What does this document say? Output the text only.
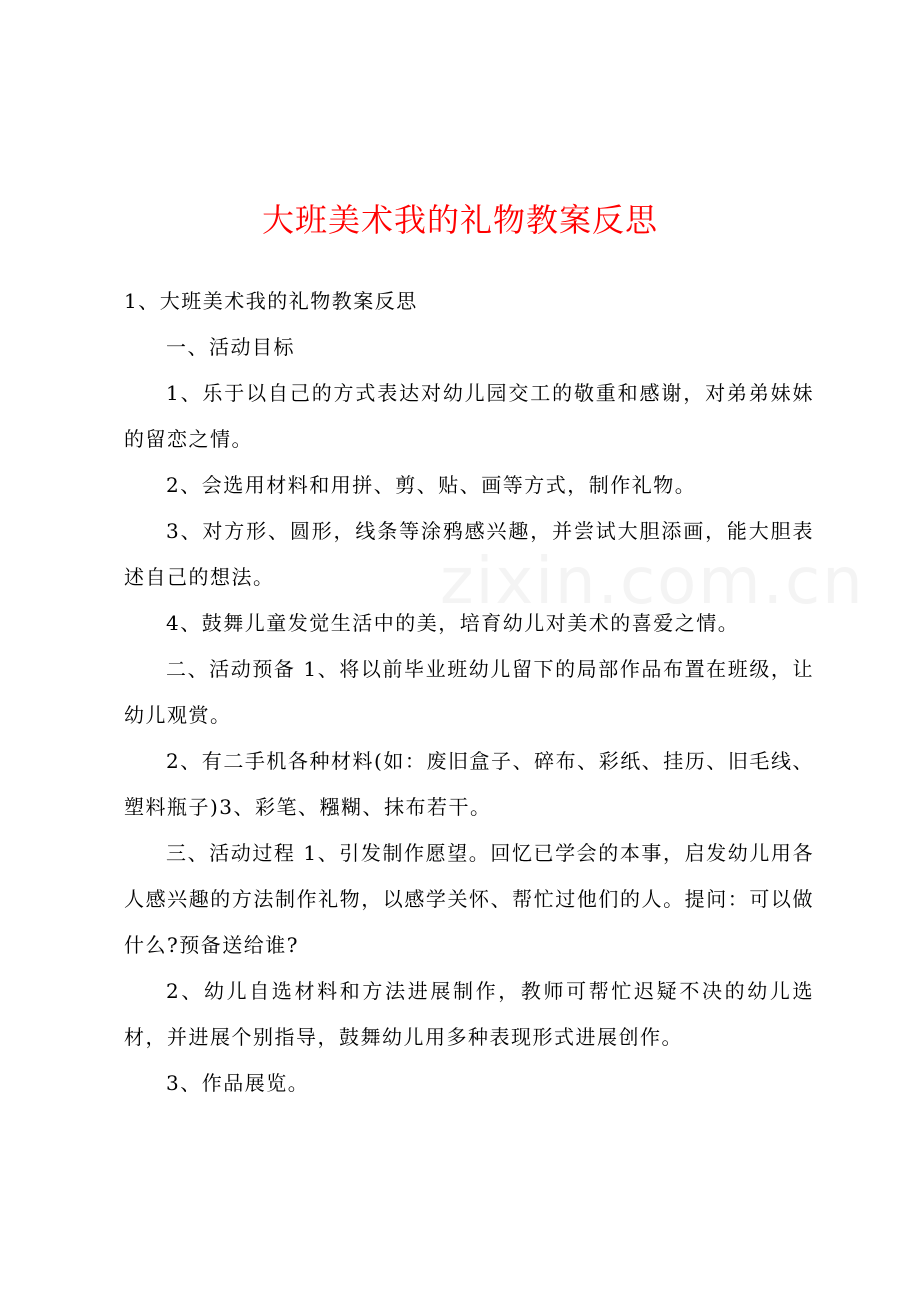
zixin.com.cn
大班美术我的礼物教案反思

1、大班美术我的礼物教案反思

一、活动目标

1、乐于以自己的方式表达对幼儿园交工的敬重和感谢，对弟弟妹妹的留恋之情。

2、会选用材料和用拼、剪、贴、画等方式，制作礼物。

3、对方形、圆形，线条等涂鸦感兴趣，并尝试大胆添画，能大胆表述自己的想法。

4、鼓舞儿童发觉生活中的美，培育幼儿对美术的喜爱之情。

二、活动预备 1、将以前毕业班幼儿留下的局部作品布置在班级，让幼儿观赏。

2、有二手机各种材料(如：废旧盒子、碎布、彩纸、挂历、旧毛线、塑料瓶子)3、彩笔、糨糊、抹布若干。

三、活动过程 1、引发制作愿望。回忆已学会的本事，启发幼儿用各人感兴趣的方法制作礼物，以感学关怀、帮忙过他们的人。提问：可以做什么?预备送给谁?

2、幼儿自选材料和方法进展制作，教师可帮忙迟疑不决的幼儿选材，并进展个别指导，鼓舞幼儿用多种表现形式进展创作。

3、作品展览。
